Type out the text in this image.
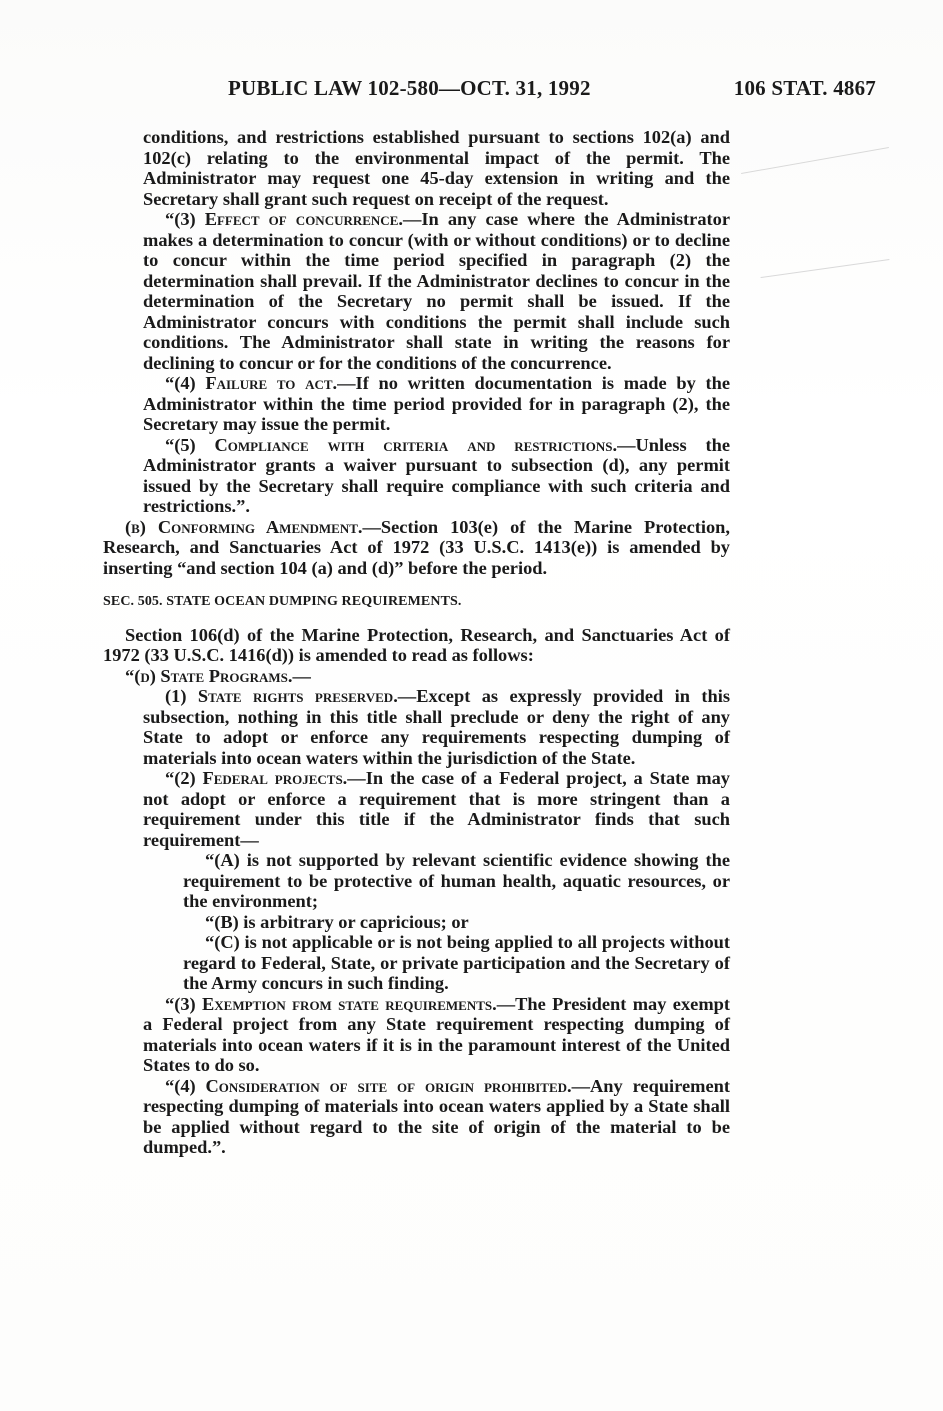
PUBLIC LAW 102-580—OCT. 31, 1992	106 STAT. 4867

conditions, and restrictions established pursuant to sections 102(a) and 102(c) relating to the environmental impact of the permit. The Administrator may request one 45-day extension in writing and the Secretary shall grant such request on receipt of the request.

“(3) Effect of concurrence.—In any case where the Administrator makes a determination to concur (with or without conditions) or to decline to concur within the time period specified in paragraph (2) the determination shall prevail. If the Administrator declines to concur in the determination of the Secretary no permit shall be issued. If the Administrator concurs with conditions the permit shall include such conditions. The Administrator shall state in writing the reasons for declining to concur or for the conditions of the concurrence.

“(4) Failure to act.—If no written documentation is made by the Administrator within the time period provided for in paragraph (2), the Secretary may issue the permit.

“(5) Compliance with criteria and restrictions.—Unless the Administrator grants a waiver pursuant to subsection (d), any permit issued by the Secretary shall require compliance with such criteria and restrictions.”.

(b) Conforming Amendment.—Section 103(e) of the Marine Protection, Research, and Sanctuaries Act of 1972 (33 U.S.C. 1413(e)) is amended by inserting “and section 104 (a) and (d)” before the period.

SEC. 505. STATE OCEAN DUMPING REQUIREMENTS.

Section 106(d) of the Marine Protection, Research, and Sanctuaries Act of 1972 (33 U.S.C. 1416(d)) is amended to read as follows:

“(d) State Programs.—

(1) State rights preserved.—Except as expressly provided in this subsection, nothing in this title shall preclude or deny the right of any State to adopt or enforce any requirements respecting dumping of materials into ocean waters within the jurisdiction of the State.

“(2) Federal projects.—In the case of a Federal project, a State may not adopt or enforce a requirement that is more stringent than a requirement under this title if the Administrator finds that such requirement—

“(A) is not supported by relevant scientific evidence showing the requirement to be protective of human health, aquatic resources, or the environment;

“(B) is arbitrary or capricious; or

“(C) is not applicable or is not being applied to all projects without regard to Federal, State, or private participation and the Secretary of the Army concurs in such finding.

“(3) Exemption from state requirements.—The President may exempt a Federal project from any State requirement respecting dumping of materials into ocean waters if it is in the paramount interest of the United States to do so.

“(4) Consideration of site of origin prohibited.—Any requirement respecting dumping of materials into ocean waters applied by a State shall be applied without regard to the site of origin of the material to be dumped.”.
